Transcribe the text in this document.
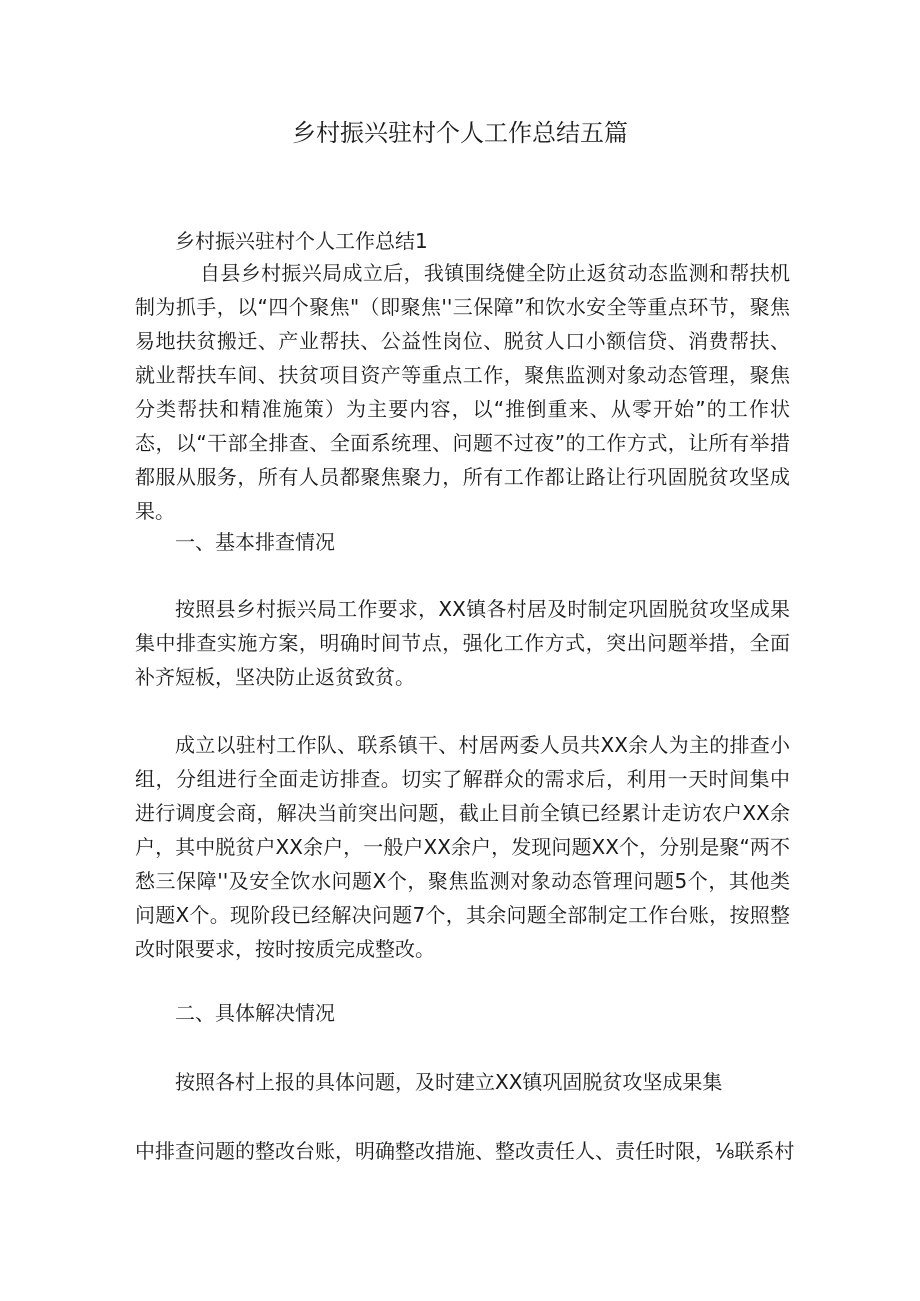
乡村振兴驻村个人工作总结五篇
乡村振兴驻村个人工作总结1
自县乡村振兴局成立后，我镇围绕健全防止返贫动态监测和帮扶机制为抓手，以“四个聚焦"（即聚焦''三保障”和饮水安全等重点环节，聚焦易地扶贫搬迁、产业帮扶、公益性岗位、脱贫人口小额信贷、消费帮扶、就业帮扶车间、扶贫项目资产等重点工作，聚焦监测对象动态管理，聚焦分类帮扶和精准施策）为主要内容，以“推倒重来、从零开始”的工作状态，以“干部全排查、全面系统理、问题不过夜”的工作方式，让所有举措都服从服务，所有人员都聚焦聚力，所有工作都让路让行巩固脱贫攻坚成果。
一、基本排查情况
按照县乡村振兴局工作要求，XX镇各村居及时制定巩固脱贫攻坚成果集中排查实施方案，明确时间节点，强化工作方式，突出问题举措，全面补齐短板，坚决防止返贫致贫。
成立以驻村工作队、联系镇干、村居两委人员共XX余人为主的排查小组，分组进行全面走访排查。切实了解群众的需求后，利用一天时间集中进行调度会商，解决当前突出问题，截止目前全镇已经累计走访农户XX余户，其中脱贫户XX余户，一般户XX余户，发现问题XX个，分别是聚“两不愁三保障''及安全饮水问题X个，聚焦监测对象动态管理问题5个，其他类问题X个。现阶段已经解决问题7个，其余问题全部制定工作台账，按照整改时限要求，按时按质完成整改。
二、具体解决情况
按照各村上报的具体问题，及时建立XX镇巩固脱贫攻坚成果集
中排查问题的整改台账，明确整改措施、整改责任人、责任时限，⅛联系村
